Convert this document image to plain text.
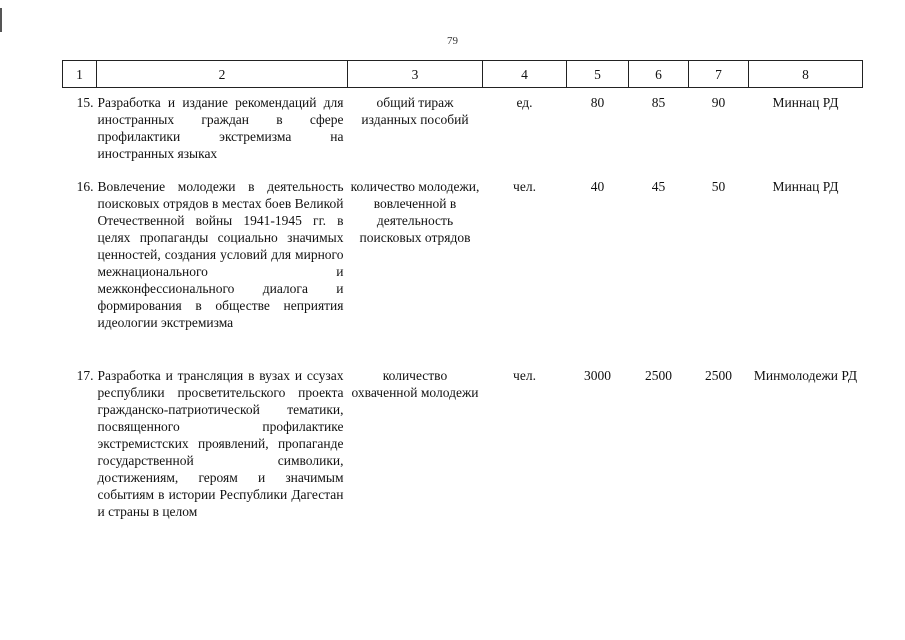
79
1	2	3	4	5	6	7	8
15.	Разработка и издание рекомендаций для иностранных граждан в сфере профилактики экстремизма на иностранных языках	общий тираж изданных пособий	ед.	80	85	90	Миннац РД
16.	Вовлечение молодежи в деятельность поисковых отрядов в местах боев Великой Отечественной войны 1941-1945 гг. в целях пропаганды социально значимых ценностей, создания условий для мирного межнационального и межконфессионального диалога и формирования в обществе неприятия идеологии экстремизма	количество молодежи, вовлеченной в деятельность поисковых отрядов	чел.	40	45	50	Миннац РД
17.	Разработка и трансляция в вузах и ссузах республики просветительского проекта гражданско-патриотической тематики, посвященного профилактике экстремистских проявлений, пропаганде государственной символики, достижениям, героям и значимым событиям в истории Республики Дагестан и страны в целом	количество охваченной молодежи	чел.	3000	2500	2500	Минмолодежи РД
